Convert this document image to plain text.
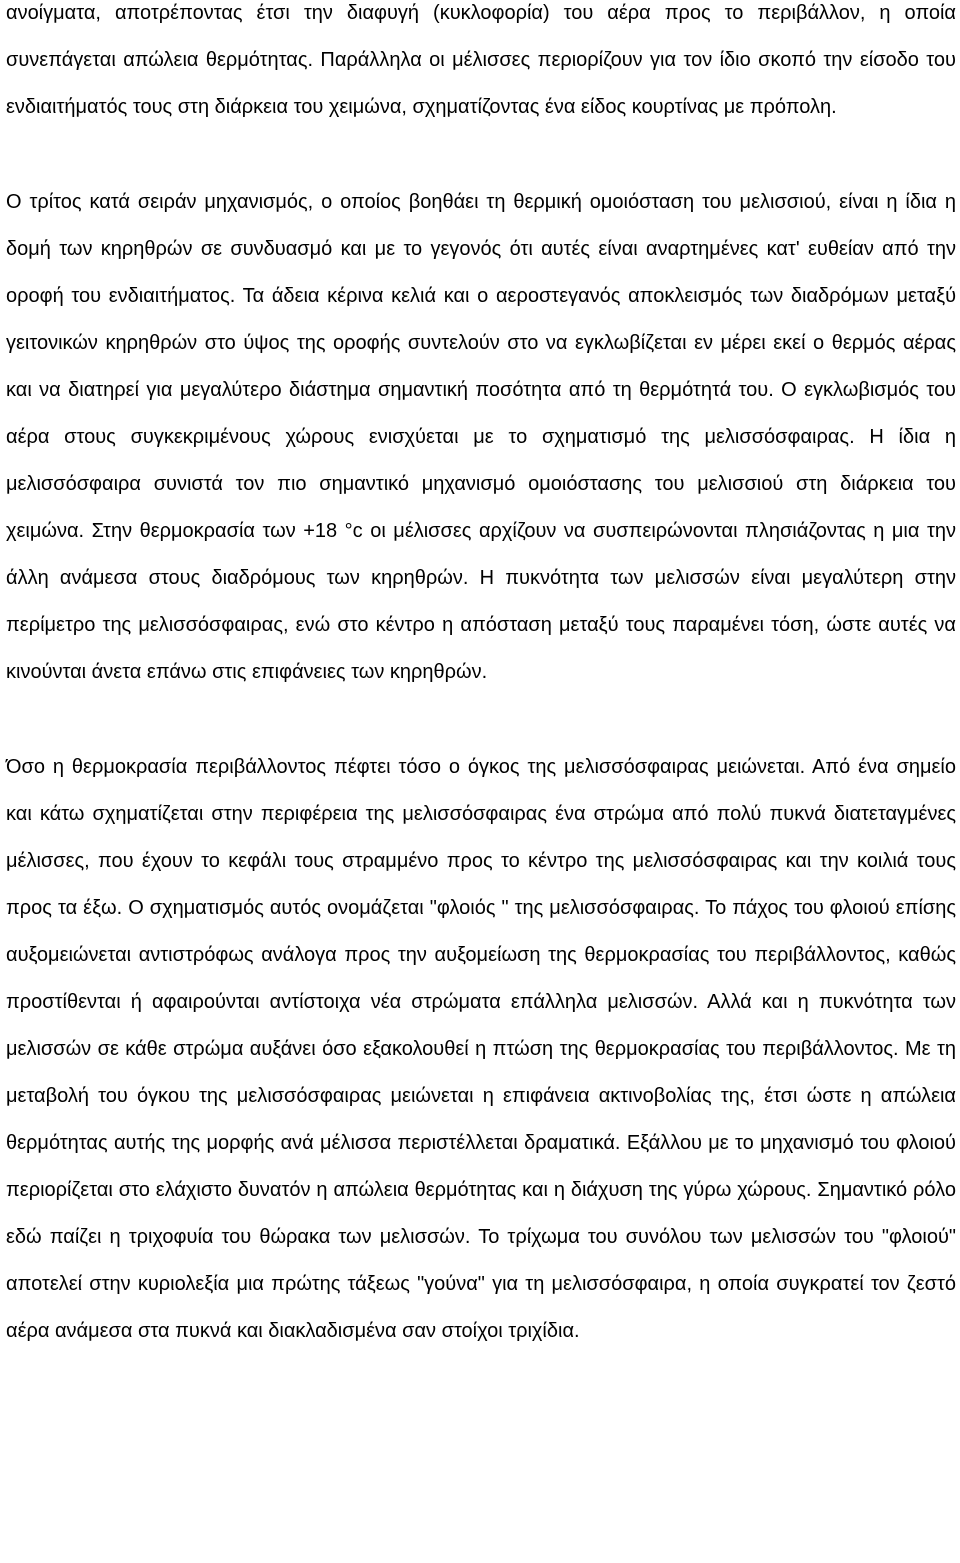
ανοίγματα, αποτρέποντας έτσι την διαφυγή (κυκλοφορία) του αέρα προς το περιβάλλον, η οποία συνεπάγεται απώλεια θερμότητας. Παράλληλα οι μέλισσες περιορίζουν για τον ίδιο σκοπό την είσοδο του ενδιαιτήματός τους στη διάρκεια του χειμώνα, σχηματίζοντας ένα είδος κουρτίνας με πρόπολη.

Ο τρίτος κατά σειράν μηχανισμός, ο οποίος βοηθάει τη θερμική ομοιόσταση του μελισσιού, είναι η ίδια η δομή των κηρηθρών σε συνδυασμό και με το γεγονός ότι αυτές είναι αναρτημένες κατ' ευθείαν από την οροφή του ενδιαιτήματος. Τα άδεια κέρινα κελιά και ο αεροστεγανός αποκλεισμός των διαδρόμων μεταξύ γειτονικών κηρηθρών στο ύψος της οροφής συντελούν στο να εγκλωβίζεται εν μέρει εκεί ο θερμός αέρας και να διατηρεί για μεγαλύτερο διάστημα σημαντική ποσότητα από τη θερμότητά του. Ο εγκλωβισμός του αέρα στους συγκεκριμένους χώρους ενισχύεται με το σχηματισμό της μελισσόσφαιρας. Η ίδια η μελισσόσφαιρα συνιστά τον πιο σημαντικό μηχανισμό ομοιόστασης του μελισσιού στη διάρκεια του χειμώνα. Στην θερμοκρασία των +18 °c οι μέλισσες αρχίζουν να συσπειρώνονται πλησιάζοντας η μια την άλλη ανάμεσα στους διαδρόμους των κηρηθρών. Η πυκνότητα των μελισσών είναι μεγαλύτερη στην περίμετρο της μελισσόσφαιρας, ενώ στο κέντρο η απόσταση μεταξύ τους παραμένει τόση, ώστε αυτές να κινούνται άνετα επάνω στις επιφάνειες των κηρηθρών.

Όσο η θερμοκρασία περιβάλλοντος πέφτει τόσο ο όγκος της μελισσόσφαιρας μειώνεται. Από ένα σημείο και κάτω σχηματίζεται στην περιφέρεια της μελισσόσφαιρας ένα στρώμα από πολύ πυκνά διατεταγμένες μέλισσες, που έχουν το κεφάλι τους στραμμένο προς το κέντρο της μελισσόσφαιρας και την κοιλιά τους προς τα έξω. Ο σχηματισμός αυτός ονομάζεται "φλοιός " της μελισσόσφαιρας. Το πάχος του φλοιού επίσης αυξομειώνεται αντιστρόφως ανάλογα προς την αυξομείωση της θερμοκρασίας του περιβάλλοντος, καθώς προστίθενται ή αφαιρούνται αντίστοιχα νέα στρώματα επάλληλα μελισσών. Αλλά και η πυκνότητα των μελισσών σε κάθε στρώμα αυξάνει όσο εξακολουθεί η πτώση της θερμοκρασίας του περιβάλλοντος. Με τη μεταβολή του όγκου της μελισσόσφαιρας μειώνεται η επιφάνεια ακτινοβολίας της, έτσι ώστε η απώλεια θερμότητας αυτής της μορφής ανά μέλισσα περιστέλλεται δραματικά. Εξάλλου με το μηχανισμό του φλοιού περιορίζεται στο ελάχιστο δυνατόν η απώλεια θερμότητας και η διάχυση της γύρω χώρους. Σημαντικό ρόλο εδώ παίζει η τριχοφυία του θώρακα των μελισσών. Το τρίχωμα του συνόλου των μελισσών του "φλοιού" αποτελεί στην κυριολεξία μια πρώτης τάξεως "γούνα" για τη μελισσόσφαιρα, η οποία συγκρατεί τον ζεστό αέρα ανάμεσα στα πυκνά και διακλαδισμένα σαν στοίχοι τριχίδια.
